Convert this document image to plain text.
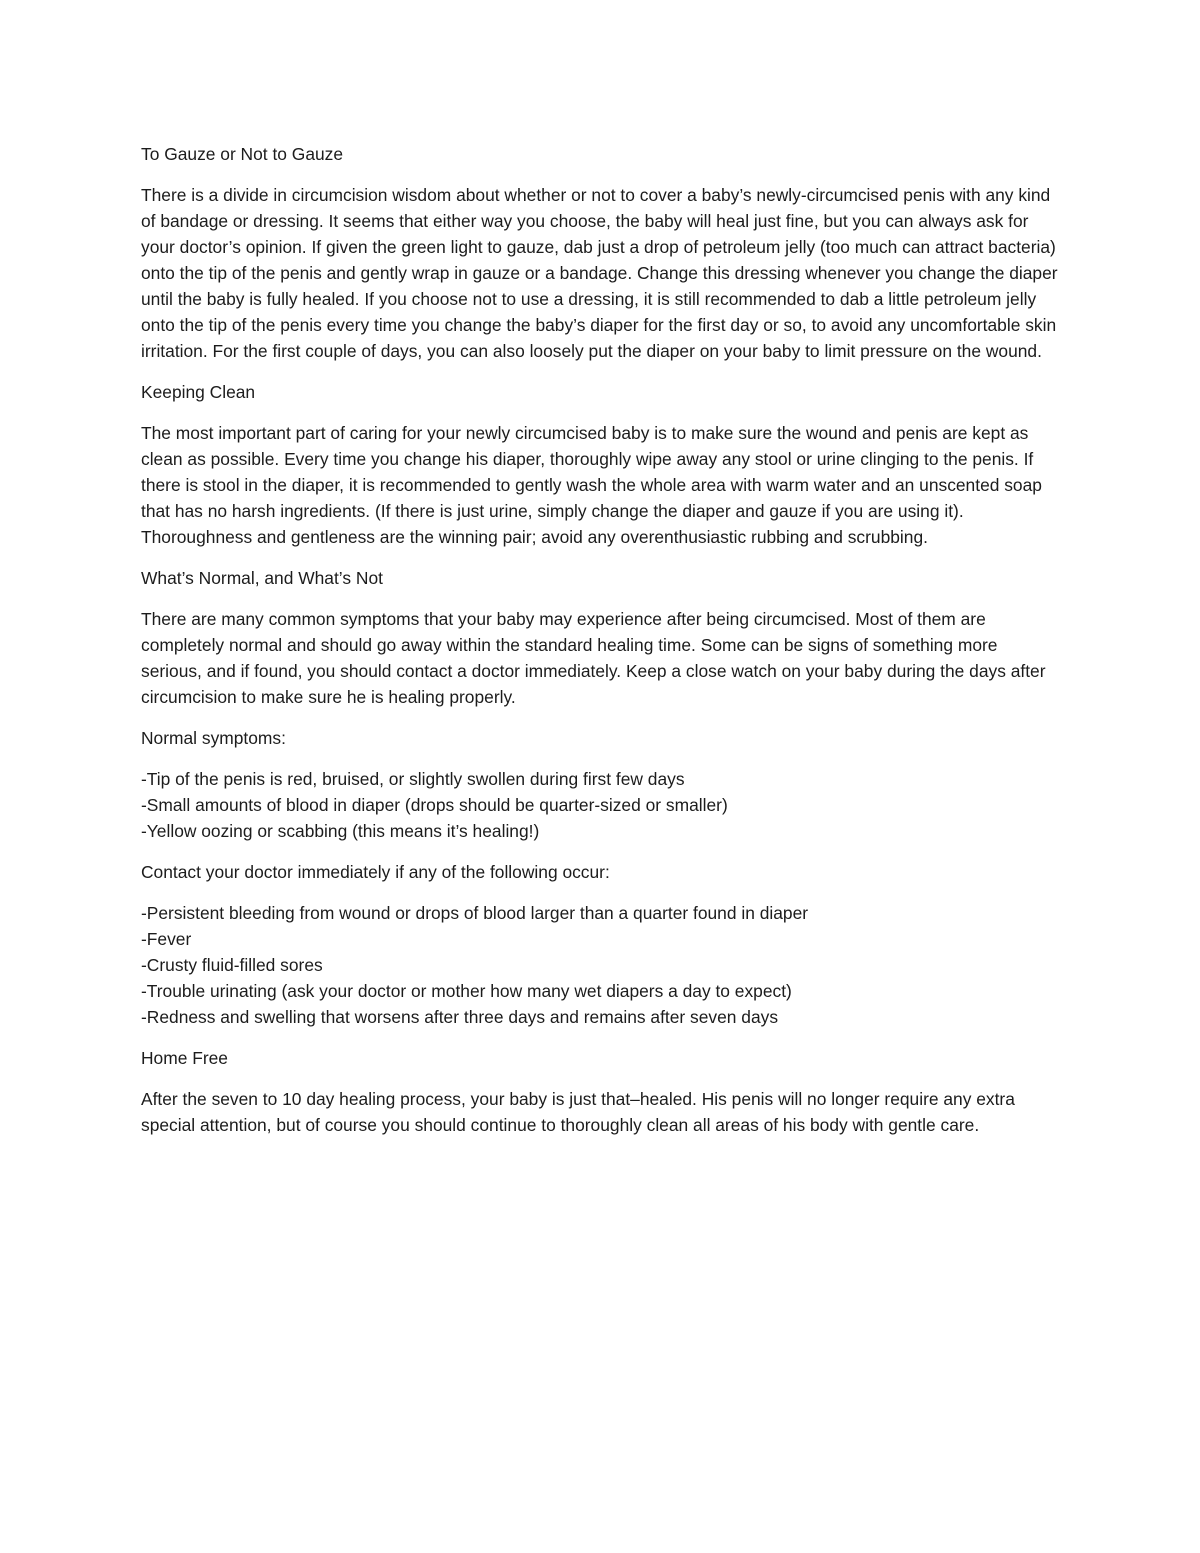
To Gauze or Not to Gauze

There is a divide in circumcision wisdom about whether or not to cover a baby’s newly-circumcised penis with any kind of bandage or dressing. It seems that either way you choose, the baby will heal just fine, but you can always ask for your doctor’s opinion. If given the green light to gauze, dab just a drop of petroleum jelly (too much can attract bacteria) onto the tip of the penis and gently wrap in gauze or a bandage. Change this dressing whenever you change the diaper until the baby is fully healed. If you choose not to use a dressing, it is still recommended to dab a little petroleum jelly onto the tip of the penis every time you change the baby’s diaper for the first day or so, to avoid any uncomfortable skin irritation. For the first couple of days, you can also loosely put the diaper on your baby to limit pressure on the wound.

Keeping Clean

The most important part of caring for your newly circumcised baby is to make sure the wound and penis are kept as clean as possible. Every time you change his diaper, thoroughly wipe away any stool or urine clinging to the penis. If there is stool in the diaper, it is recommended to gently wash the whole area with warm water and an unscented soap that has no harsh ingredients. (If there is just urine, simply change the diaper and gauze if you are using it). Thoroughness and gentleness are the winning pair; avoid any overenthusiastic rubbing and scrubbing.

What’s Normal, and What’s Not

There are many common symptoms that your baby may experience after being circumcised. Most of them are completely normal and should go away within the standard healing time. Some can be signs of something more serious, and if found, you should contact a doctor immediately. Keep a close watch on your baby during the days after circumcision to make sure he is healing properly.

Normal symptoms:

-Tip of the penis is red, bruised, or slightly swollen during first few days
-Small amounts of blood in diaper (drops should be quarter-sized or smaller)
-Yellow oozing or scabbing (this means it’s healing!)

Contact your doctor immediately if any of the following occur:

-Persistent bleeding from wound or drops of blood larger than a quarter found in diaper
-Fever
-Crusty fluid-filled sores
-Trouble urinating (ask your doctor or mother how many wet diapers a day to expect)
-Redness and swelling that worsens after three days and remains after seven days

Home Free

After the seven to 10 day healing process, your baby is just that–healed. His penis will no longer require any extra special attention, but of course you should continue to thoroughly clean all areas of his body with gentle care.
